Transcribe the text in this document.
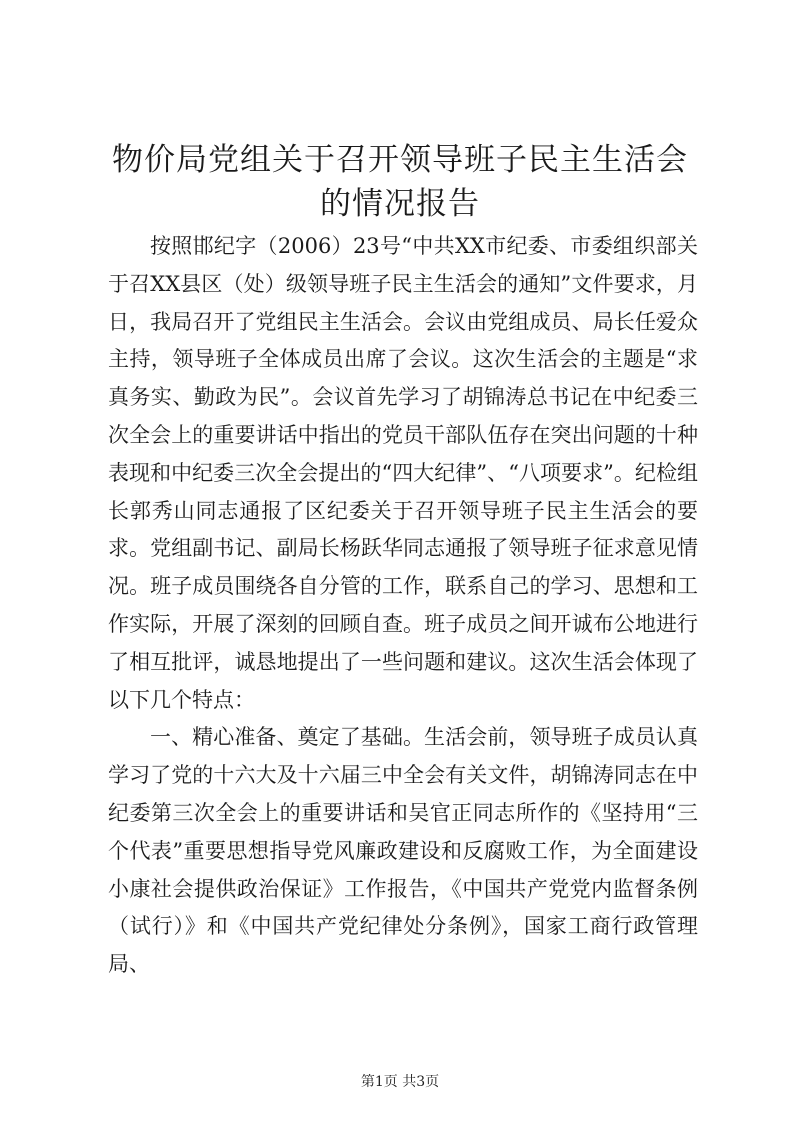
物价局党组关于召开领导班子民主生活会的情况报告

按照邯纪字（2006）23号“中共XX市纪委、市委组织部关于召XX县区（处）级领导班子民主生活会的通知”文件要求，月日，我局召开了党组民主生活会。会议由党组成员、局长任爱众主持，领导班子全体成员出席了会议。这次生活会的主题是“求真务实、勤政为民”。会议首先学习了胡锦涛总书记在中纪委三次全会上的重要讲话中指出的党员干部队伍存在突出问题的十种表现和中纪委三次全会提出的“四大纪律”、“八项要求”。纪检组长郭秀山同志通报了区纪委关于召开领导班子民主生活会的要求。党组副书记、副局长杨跃华同志通报了领导班子征求意见情况。班子成员围绕各自分管的工作，联系自己的学习、思想和工作实际，开展了深刻的回顾自查。班子成员之间开诚布公地进行了相互批评，诚恳地提出了一些问题和建议。这次生活会体现了以下几个特点：

一、精心准备、奠定了基础。生活会前，领导班子成员认真学习了党的十六大及十六届三中全会有关文件，胡锦涛同志在中纪委第三次全会上的重要讲话和吴官正同志所作的《坚持用“三个代表”重要思想指导党风廉政建设和反腐败工作，为全面建设小康社会提供政治保证》工作报告，《中国共产党党内监督条例（试行）》和《中国共产党纪律处分条例》，国家工商行政管理局、

第1页 共3页
